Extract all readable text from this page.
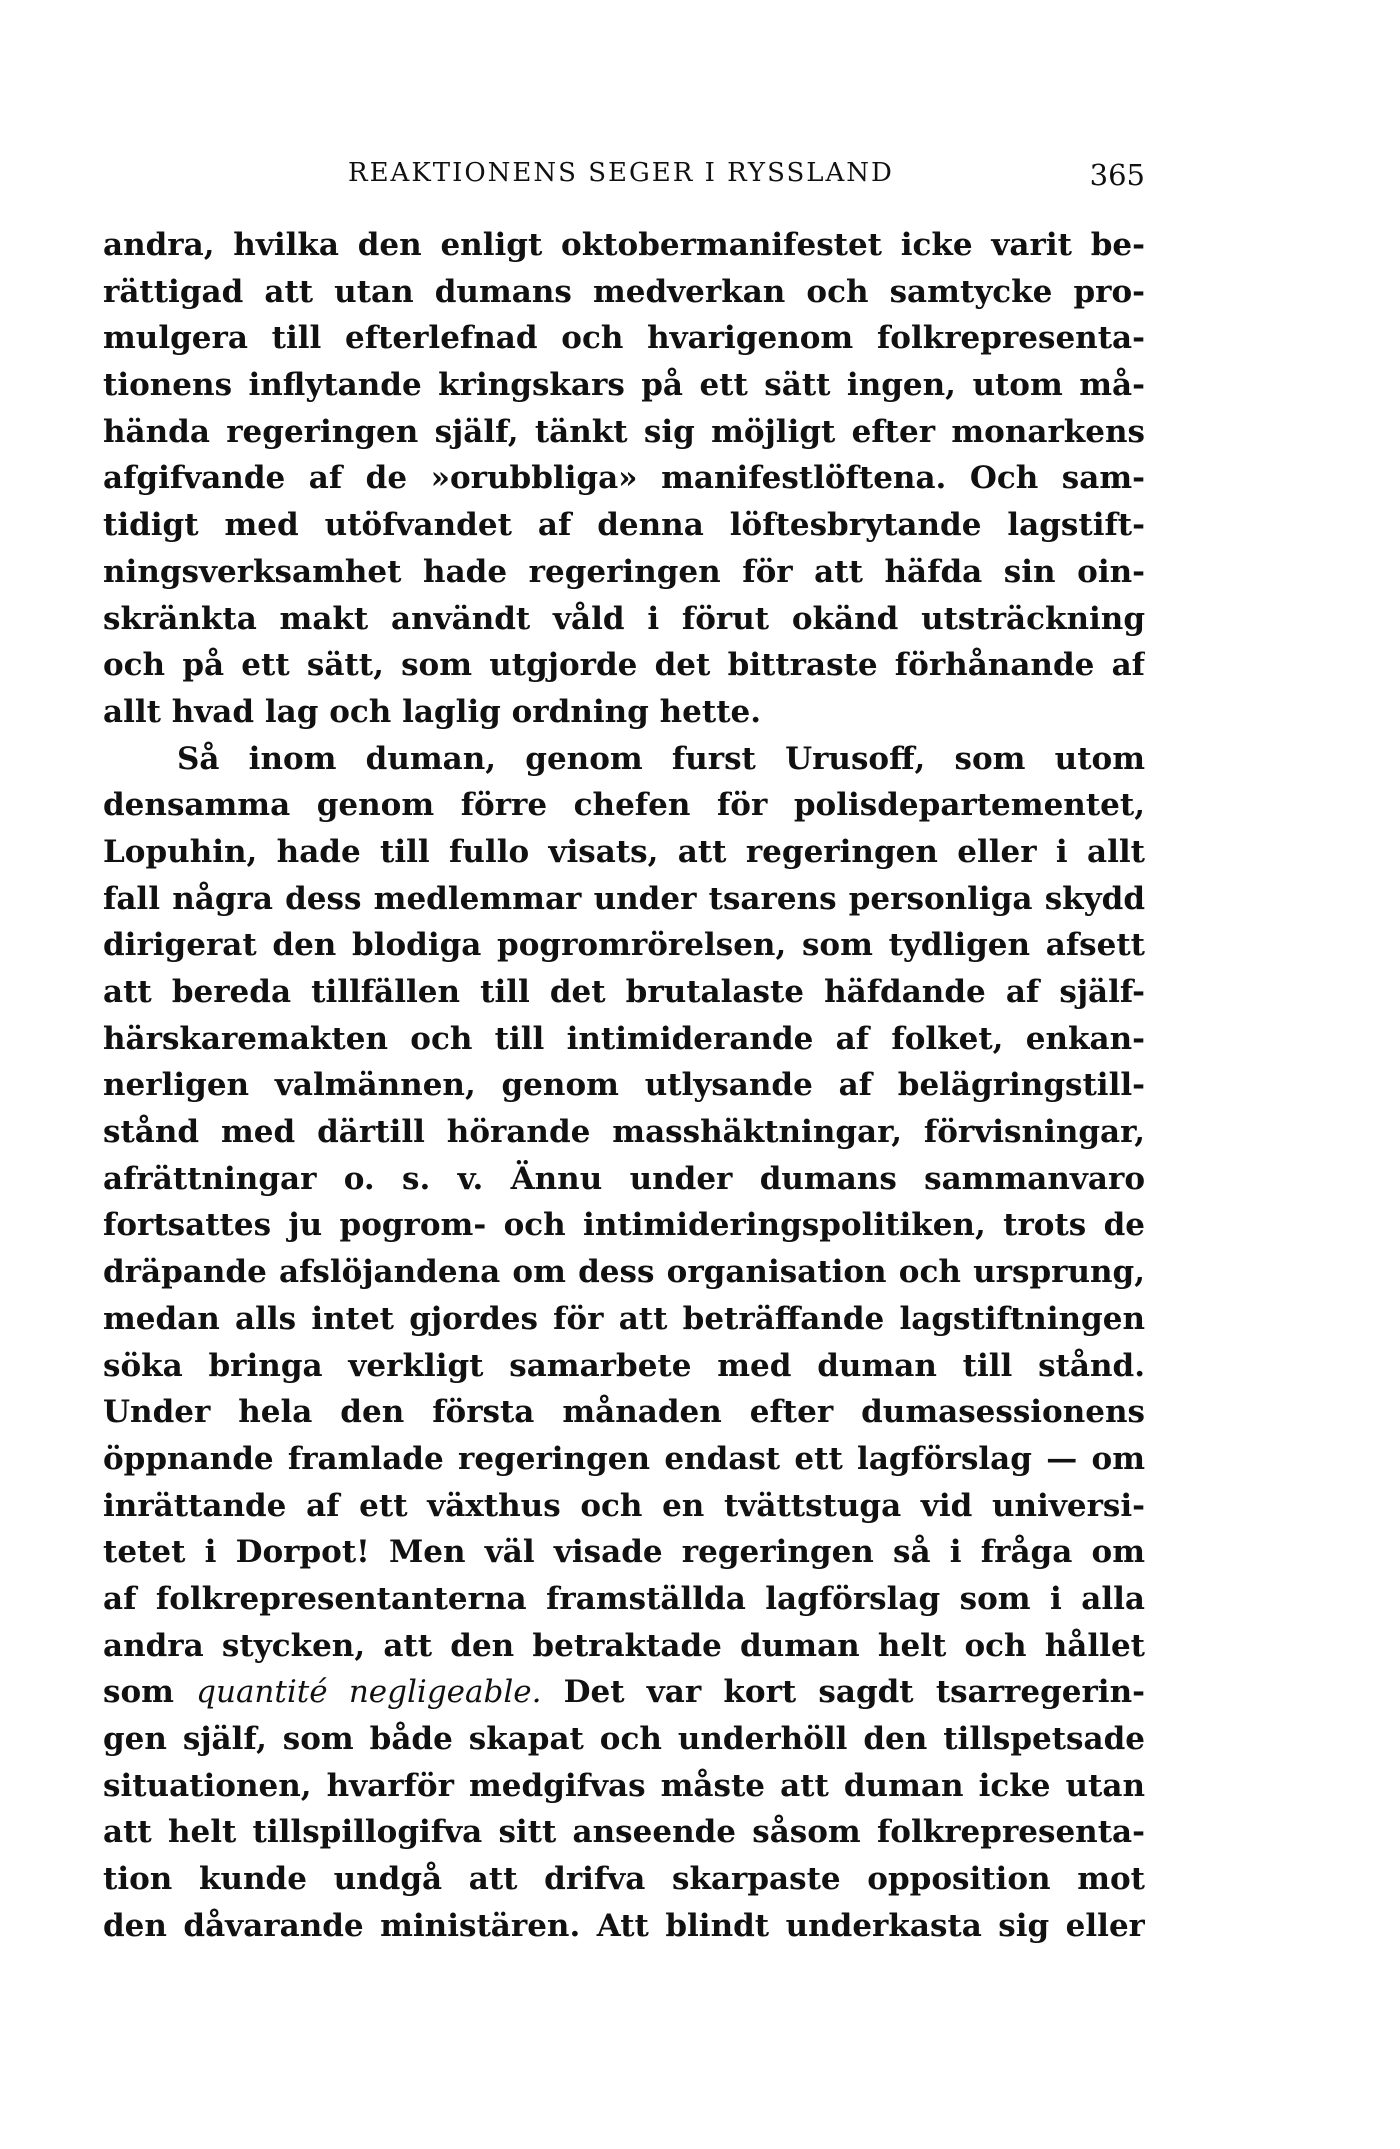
REAKTIONENS SEGER I RYSSLAND	365
andra, hvilka den enligt oktobermanifestet icke varit be-
rättigad att utan dumans medverkan och samtycke pro-
mulgera till efterlefnad och hvarigenom folkrepresenta-
tionens inflytande kringskars på ett sätt ingen, utom må-
hända regeringen själf, tänkt sig möjligt efter monarkens
afgifvande af de »orubbliga» manifestlöftena. Och sam-
tidigt med utöfvandet af denna löftesbrytande lagstift-
ningsverksamhet hade regeringen för att häfda sin oin-
skränkta makt användt våld i förut okänd utsträckning
och på ett sätt, som utgjorde det bittraste förhånande af
allt hvad lag och laglig ordning hette.
Så inom duman, genom furst Urusoff, som utom
densamma genom förre chefen för polisdepartementet,
Lopuhin, hade till fullo visats, att regeringen eller i allt
fall några dess medlemmar under tsarens personliga skydd
dirigerat den blodiga pogromrörelsen, som tydligen afsett
att bereda tillfällen till det brutalaste häfdande af själf-
härskaremakten och till intimiderande af folket, enkan-
nerligen valmännen, genom utlysande af belägringstill-
stånd med därtill hörande masshäktningar, förvisningar,
afrättningar o. s. v. Ännu under dumans sammanvaro
fortsattes ju pogrom- och intimideringspolitiken, trots de
dräpande afslöjandena om dess organisation och ursprung,
medan alls intet gjordes för att beträffande lagstiftningen
söka bringa verkligt samarbete med duman till stånd.
Under hela den första månaden efter dumasessionens
öppnande framlade regeringen endast ett lagförslag — om
inrättande af ett växthus och en tvättstuga vid universi-
tetet i Dorpot! Men väl visade regeringen så i fråga om
af folkrepresentanterna framställda lagförslag som i alla
andra stycken, att den betraktade duman helt och hållet
som quantité negligeable. Det var kort sagdt tsarregerin-
gen själf, som både skapat och underhöll den tillspetsade
situationen, hvarför medgifvas måste att duman icke utan
att helt tillspillogifva sitt anseende såsom folkrepresenta-
tion kunde undgå att drifva skarpaste opposition mot
den dåvarande ministären. Att blindt underkasta sig eller
